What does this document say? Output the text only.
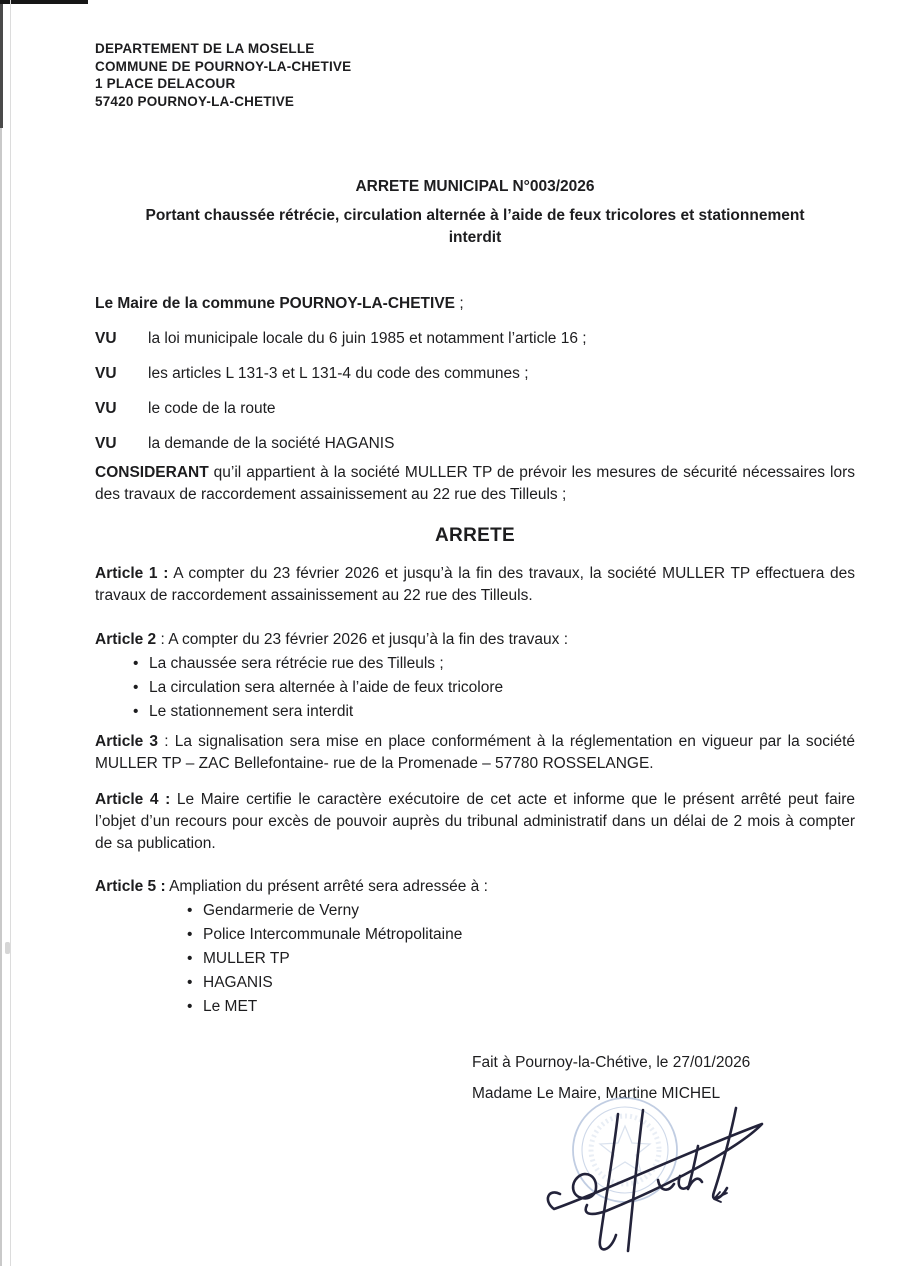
DEPARTEMENT DE LA MOSELLE

COMMUNE DE POURNOY-LA-CHETIVE

1 PLACE DELACOUR

57420 POURNOY-LA-CHETIVE

ARRETE MUNICIPAL N°003/2026

Portant chaussée rétrécie, circulation alternée à l’aide de feux tricolores et stationnement interdit

Le Maire de la commune POURNOY-LA-CHETIVE ;

VU	la loi municipale locale du 6 juin 1985 et notamment l’article 16 ;
VU	les articles L 131-3 et L 131-4 du code des communes ;
VU	le code de la route
VU	la demande de la société HAGANIS

CONSIDERANT qu’il appartient à la société MULLER TP de prévoir les mesures de sécurité nécessaires lors des travaux de raccordement assainissement au 22 rue des Tilleuls ;

ARRETE

Article 1 : A compter du 23 février 2026 et jusqu’à la fin des travaux, la société MULLER TP effectuera des travaux de raccordement assainissement au 22 rue des Tilleuls.

Article 2 : A compter du 23 février 2026 et jusqu’à la fin des travaux :

• La chaussée sera rétrécie rue des Tilleuls ;
• La circulation sera alternée à l’aide de feux tricolore
• Le stationnement sera interdit

Article 3 : La signalisation sera mise en place conformément à la réglementation en vigueur par la société MULLER TP – ZAC Bellefontaine- rue de la Promenade – 57780 ROSSELANGE.

Article 4 : Le Maire certifie le caractère exécutoire de cet acte et informe que le présent arrêté peut faire l’objet d’un recours pour excès de pouvoir auprès du tribunal administratif dans un délai de 2 mois à compter de sa publication.

Article 5 : Ampliation du présent arrêté sera adressée à :

• Gendarmerie de Verny
• Police Intercommunale Métropolitaine
• MULLER TP
• HAGANIS
• Le MET

Fait à Pournoy-la-Chétive, le 27/01/2026

Madame Le Maire, Martine MICHEL
